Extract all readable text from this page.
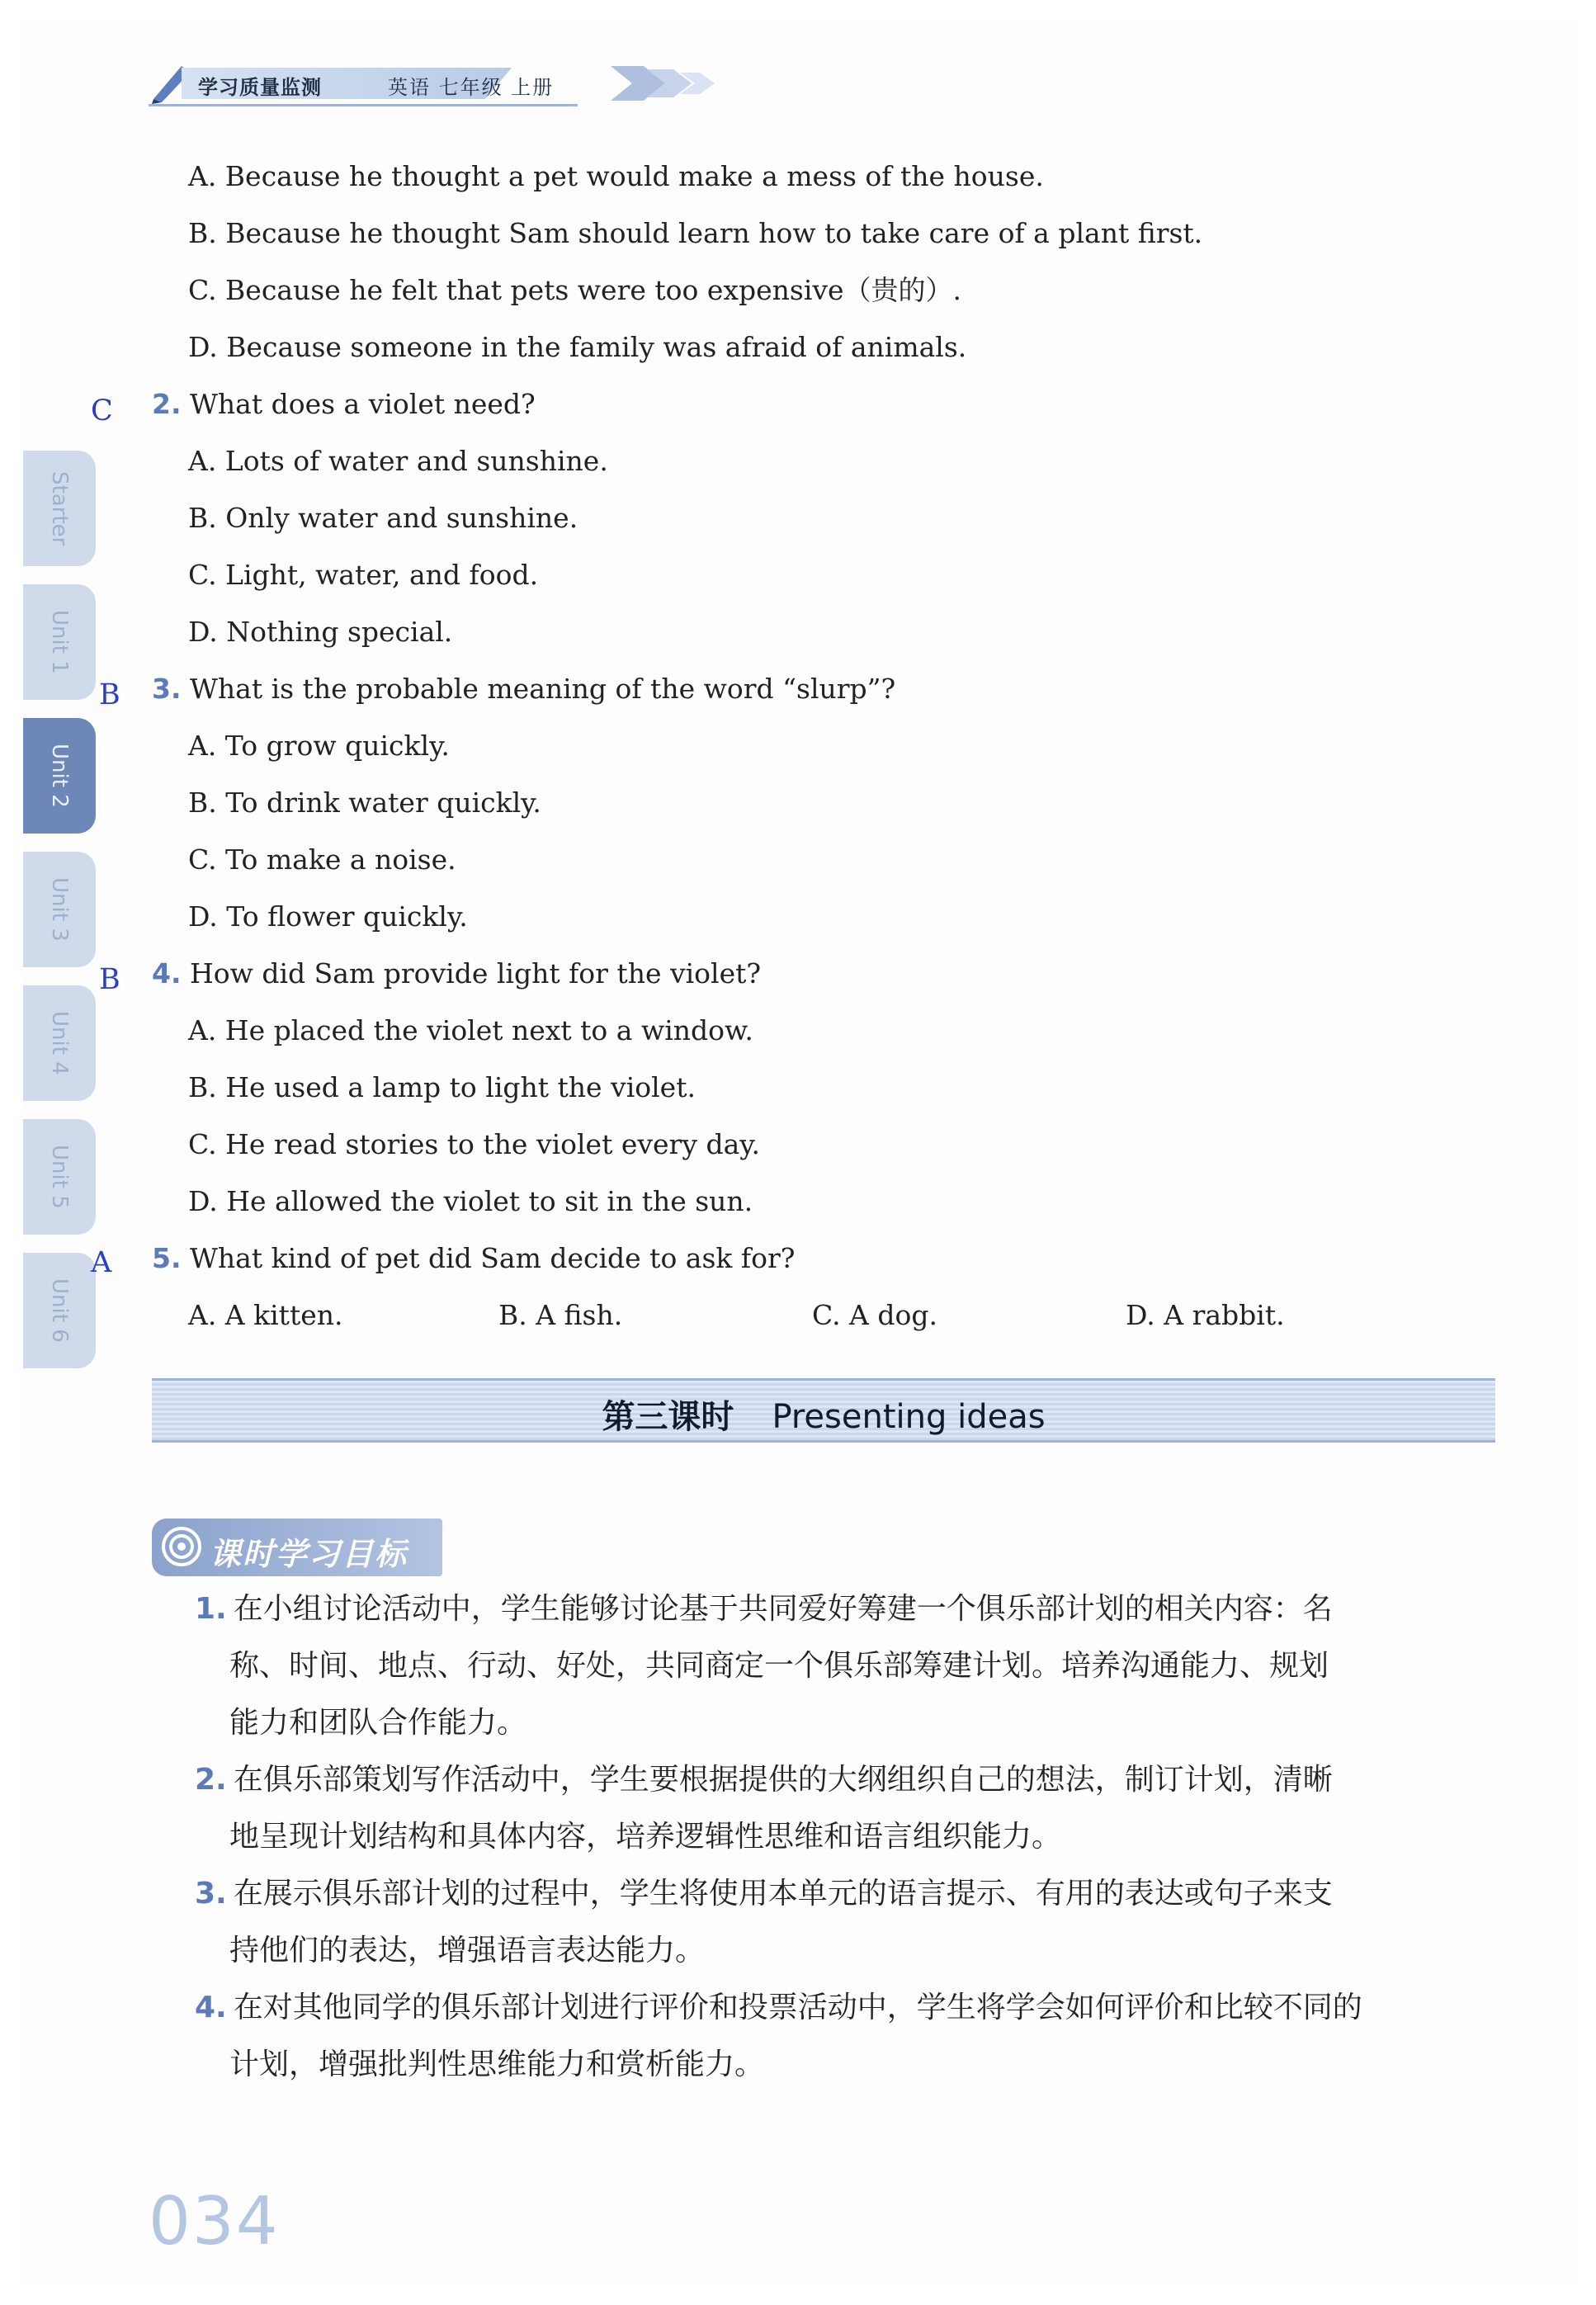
学习质量监测	英语 七年级 上册
Starter
Unit 1
Unit 2
Unit 3
Unit 4
Unit 5
Unit 6
A. Because he thought a pet would make a mess of the house.
B. Because he thought Sam should learn how to take care of a plant first.
C. Because he felt that pets were too expensive（贵的）.
D. Because someone in the family was afraid of animals.
C 2. What does a violet need?
A. Lots of water and sunshine.
B. Only water and sunshine.
C. Light, water, and food.
D. Nothing special.
B 3. What is the probable meaning of the word “slurp”?
A. To grow quickly.
B. To drink water quickly.
C. To make a noise.
D. To flower quickly.
B 4. How did Sam provide light for the violet?
A. He placed the violet next to a window.
B. He used a lamp to light the violet.
C. He read stories to the violet every day.
D. He allowed the violet to sit in the sun.
A 5. What kind of pet did Sam decide to ask for?
A. A kitten.	B. A fish.	C. A dog.	D. A rabbit.
第三课时 Presenting ideas
课时学习目标
1. 在小组讨论活动中，学生能够讨论基于共同爱好筹建一个俱乐部计划的相关内容：名
称、时间、地点、行动、好处，共同商定一个俱乐部筹建计划。培养沟通能力、规划
能力和团队合作能力。
2. 在俱乐部策划写作活动中，学生要根据提供的大纲组织自己的想法，制订计划，清晰
地呈现计划结构和具体内容，培养逻辑性思维和语言组织能力。
3. 在展示俱乐部计划的过程中，学生将使用本单元的语言提示、有用的表达或句子来支
持他们的表达，增强语言表达能力。
4. 在对其他同学的俱乐部计划进行评价和投票活动中，学生将学会如何评价和比较不同的
计划，增强批判性思维能力和赏析能力。
034
